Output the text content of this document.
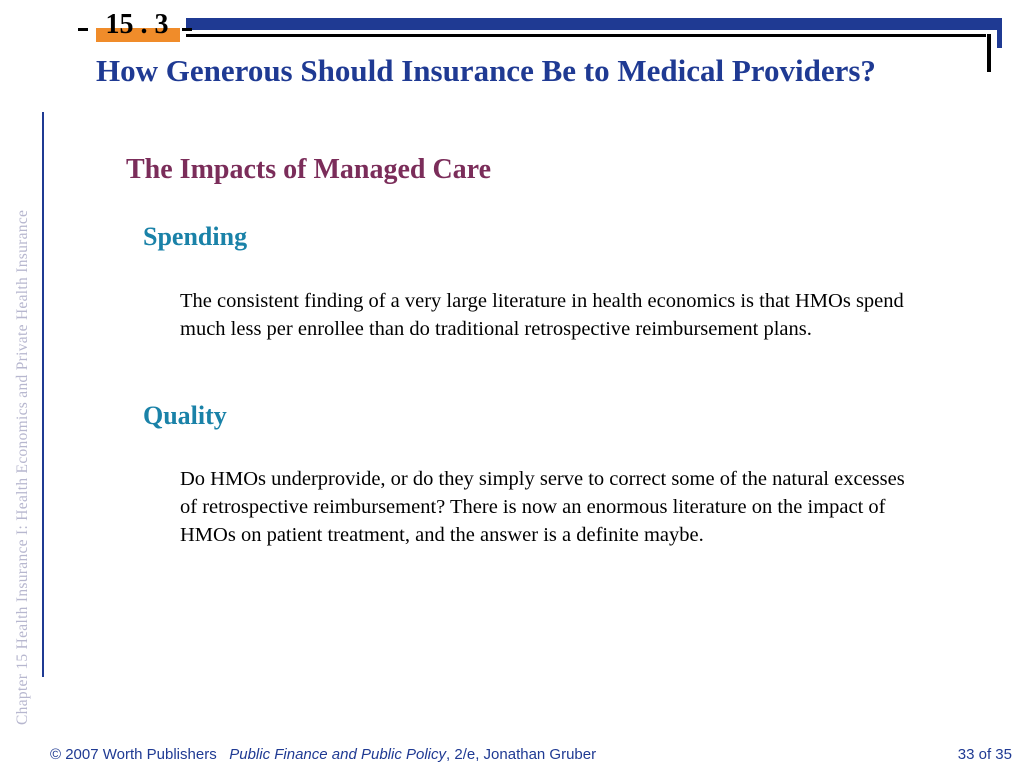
15 . 3
How Generous Should Insurance Be to Medical Providers?
The Impacts of Managed Care
Spending
The consistent finding of a very large literature in health economics is that HMOs spend much less per enrollee than do traditional retrospective reimbursement plans.
Quality
Do HMOs underprovide, or do they simply serve to correct some of the natural excesses of retrospective reimbursement? There is now an enormous literature on the impact of HMOs on patient treatment, and the answer is a definite maybe.
Chapter 15 Health Insurance I: Health Economics and Private Health Insurance
© 2007 Worth Publishers Public Finance and Public Policy, 2/e, Jonathan Gruber	33 of 35
